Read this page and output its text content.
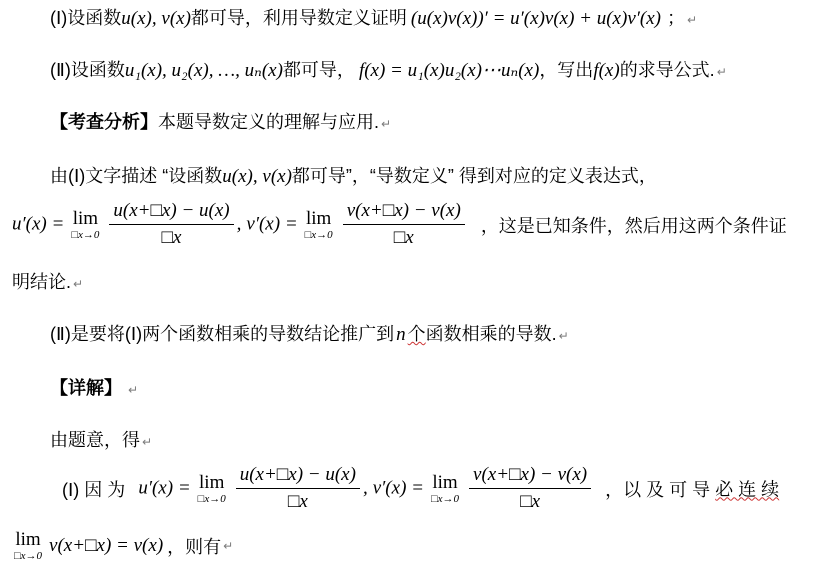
(Ⅰ)设函数u(x), v(x)都可导，利用导数定义证明 (u(x)v(x))′ = u′(x)v(x) + u(x)v′(x) ； ↵
(Ⅱ)设函数u₁(x), u₂(x), …, uₙ(x)都可导， f(x) = u₁(x)u₂(x)⋯uₙ(x)，写出f(x)的求导公式. ↵
【考查分析】本题导数定义的理解与应用. ↵
由(Ⅰ)文字描述 “设函数u(x), v(x)都可导”，“导数定义” 得到对应的定义表达式，
u′(x) = lim
□x→0
$\frac{u(x+□x) - u(x)}{□x}$ , v′(x) = lim
□x→0
$\frac{v(x+□x) - v(x)}{□x}$ ，这是已知条件，然后用这两个条件证
明结论. ↵
(Ⅱ)是要将(Ⅰ)两个函数相乘的导数结论推广到 n 个函数相乘的导数. ↵
【详解】 ↵
由题意，得 ↵
(Ⅰ) 因 为 u′(x) = lim
□x→0
$\frac{u(x+□x) - u(x)}{□x}$ , v′(x) = lim
□x→0
$\frac{v(x+□x) - v(x)}{□x}$ ，以 及 可 导 必 连 续
lim
□x→0 v(x+□x) = v(x) ，则有 ↵
